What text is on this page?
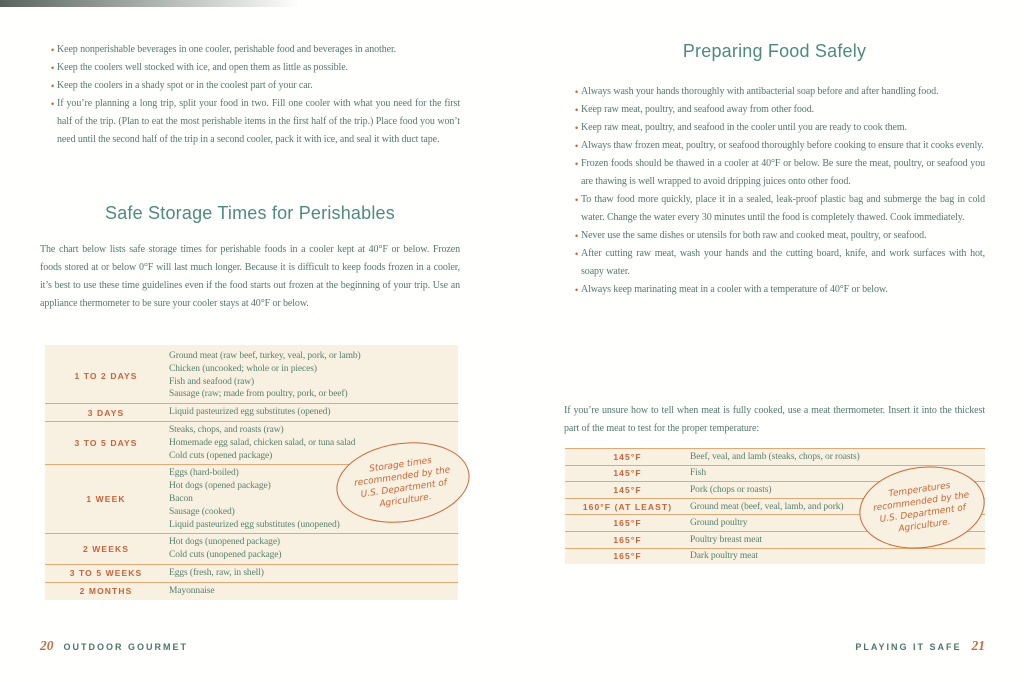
• Keep nonperishable beverages in one cooler, perishable food and beverages in another.
• Keep the coolers well stocked with ice, and open them as little as possible.
• Keep the coolers in a shady spot or in the coolest part of your car.
• If you’re planning a long trip, split your food in two. Fill one cooler with what you need for the first half of the trip. (Plan to eat the most perishable items in the first half of the trip.) Place food you won’t need until the second half of the trip in a second cooler, pack it with ice, and seal it with duct tape.
Safe Storage Times for Perishables

The chart below lists safe storage times for perishable foods in a cooler kept at 40°F or below. Frozen foods stored at or below 0°F will last much longer. Because it is difficult to keep foods frozen in a cooler, it’s best to use these time guidelines even if the food starts out frozen at the beginning of your trip. Use an appliance thermometer to be sure your cooler stays at 40°F or below.

1 TO 2 DAYS
Ground meat (raw beef, turkey, veal, pork, or lamb)
Chicken (uncooked; whole or in pieces)
Fish and seafood (raw)
Sausage (raw; made from poultry, pork, or beef)
3 DAYS	Liquid pasteurized egg substitutes (opened)
3 TO 5 DAYS
Steaks, chops, and roasts (raw)
Homemade egg salad, chicken salad, or tuna salad
Cold cuts (opened package)
1 WEEK
Eggs (hard-boiled)
Hot dogs (opened package)
Bacon
Sausage (cooked)
Liquid pasteurized egg substitutes (unopened)
2 WEEKS
Hot dogs (unopened package)
Cold cuts (unopened package)
3 TO 5 WEEKS	Eggs (fresh, raw, in shell)
2 MONTHS	Mayonnaise
Storage times recommended by the U.S. Department of Agriculture.
20 OUTDOOR GOURMET
Preparing Food Safely
• Always wash your hands thoroughly with antibacterial soap before and after handling food.
• Keep raw meat, poultry, and seafood away from other food.
• Keep raw meat, poultry, and seafood in the cooler until you are ready to cook them.
• Always thaw frozen meat, poultry, or seafood thoroughly before cooking to ensure that it cooks evenly.
• Frozen foods should be thawed in a cooler at 40°F or below. Be sure the meat, poultry, or seafood you are thawing is well wrapped to avoid dripping juices onto other food.
• To thaw food more quickly, place it in a sealed, leak-proof plastic bag and submerge the bag in cold water. Change the water every 30 minutes until the food is completely thawed. Cook immediately.
• Never use the same dishes or utensils for both raw and cooked meat, poultry, or seafood.
• After cutting raw meat, wash your hands and the cutting board, knife, and work surfaces with hot, soapy water.
• Always keep marinating meat in a cooler with a temperature of 40°F or below.

If you’re unsure how to tell when meat is fully cooked, use a meat thermometer. Insert it into the thickest part of the meat to test for the proper temperature:

145°F	Beef, veal, and lamb (steaks, chops, or roasts)
145°F	Fish
145°F	Pork (chops or roasts)
160°F (AT LEAST)	Ground meat (beef, veal, lamb, and pork)
165°F	Ground poultry
165°F	Poultry breast meat
165°F	Dark poultry meat
Temperatures recommended by the U.S. Department of Agriculture.
PLAYING IT SAFE 21
